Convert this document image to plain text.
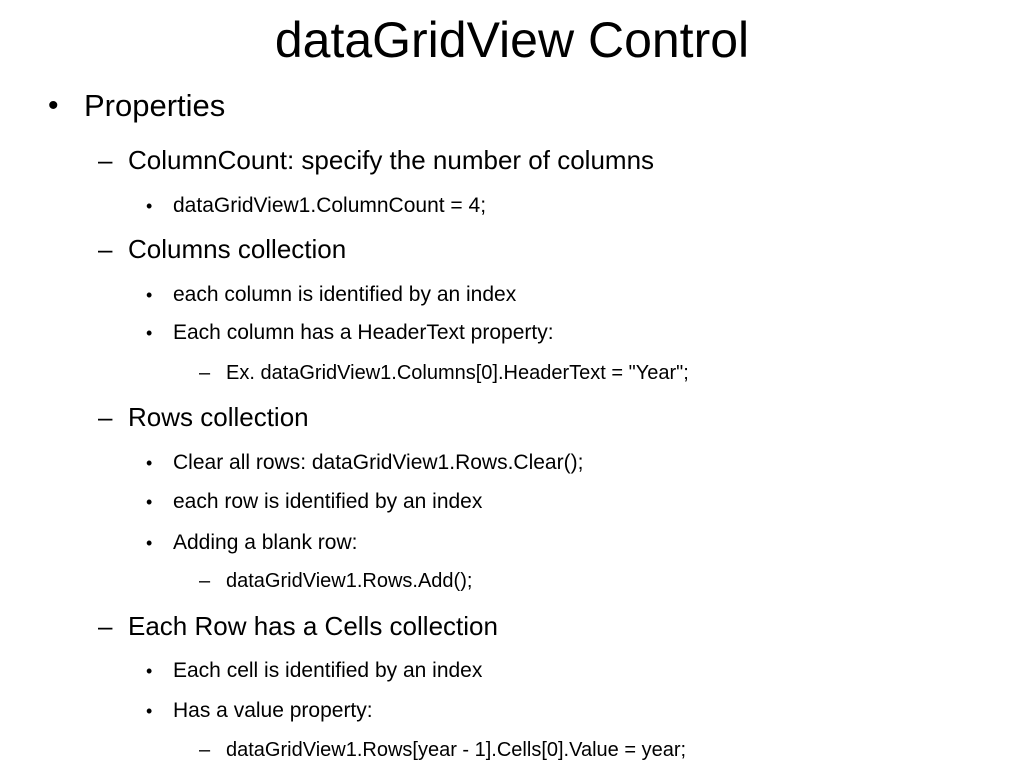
dataGridView Control
• Properties
– ColumnCount: specify the number of columns
• dataGridView1.ColumnCount = 4;
– Columns collection
• each column is identified by an index
• Each column has a HeaderText property:
– Ex. dataGridView1.Columns[0].HeaderText = "Year";
– Rows collection
• Clear all rows: dataGridView1.Rows.Clear();
• each row is identified by an index
• Adding a blank row:
– dataGridView1.Rows.Add();
– Each Row has a Cells collection
• Each cell is identified by an index
• Has a value property:
– dataGridView1.Rows[year - 1].Cells[0].Value = year;
